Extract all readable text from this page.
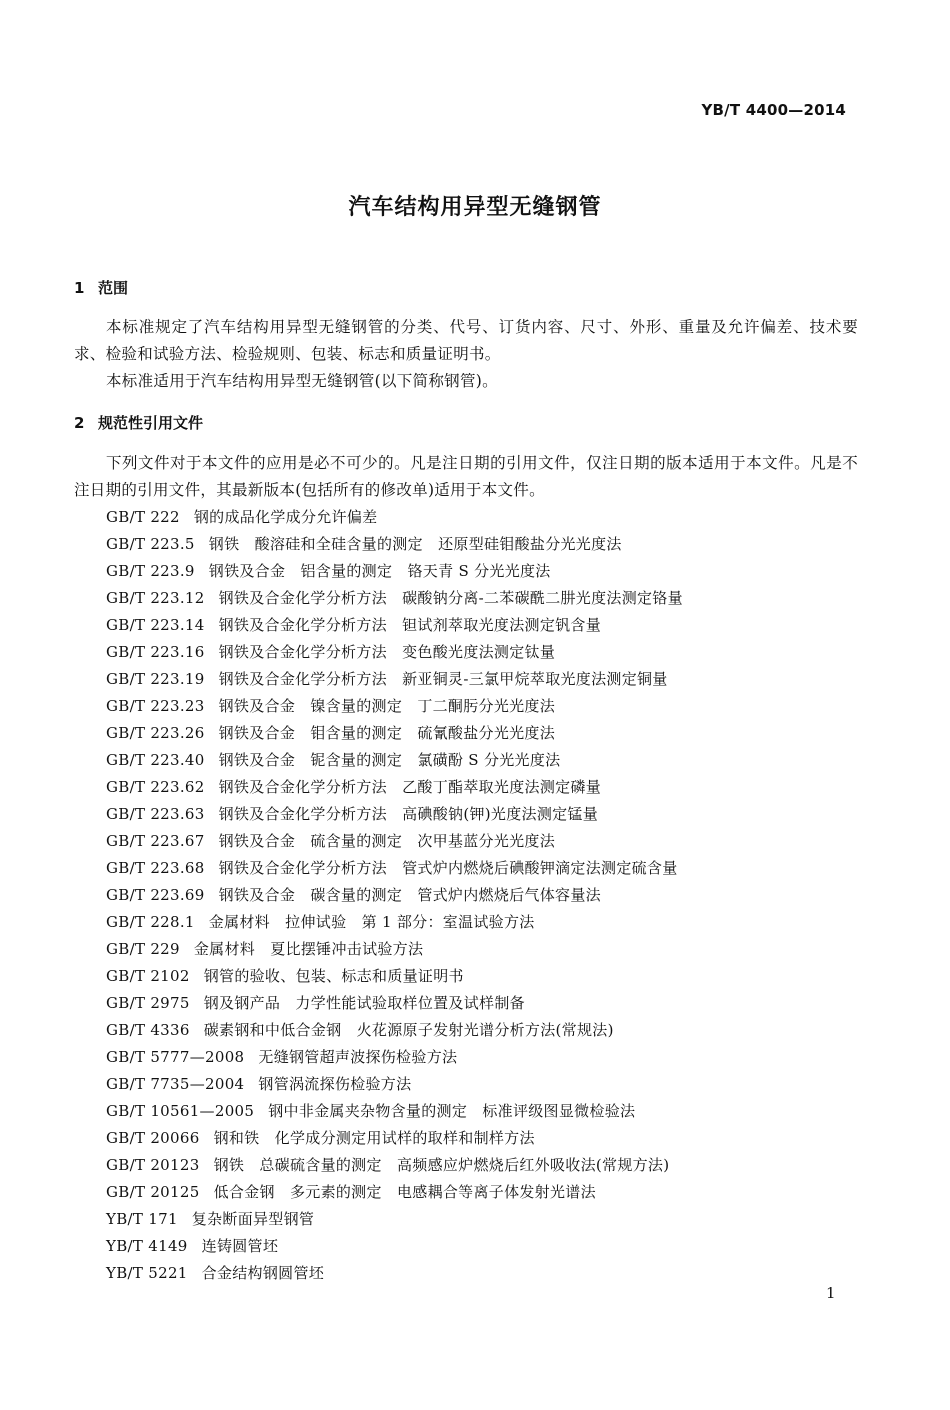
YB/T 4400—2014
汽车结构用异型无缝钢管
1 范围
本标准规定了汽车结构用异型无缝钢管的分类、代号、订货内容、尺寸、外形、重量及允许偏差、技术要求、检验和试验方法、检验规则、包装、标志和质量证明书。
本标准适用于汽车结构用异型无缝钢管(以下简称钢管)。
2 规范性引用文件
下列文件对于本文件的应用是必不可少的。凡是注日期的引用文件，仅注日期的版本适用于本文件。凡是不注日期的引用文件，其最新版本(包括所有的修改单)适用于本文件。
GB/T 222 钢的成品化学成分允许偏差
GB/T 223.5 钢铁   酸溶硅和全硅含量的测定   还原型硅钼酸盐分光光度法
GB/T 223.9 钢铁及合金   铝含量的测定   铬天青 S 分光光度法
GB/T 223.12 钢铁及合金化学分析方法   碳酸钠分离-二苯碳酰二肼光度法测定铬量
GB/T 223.14 钢铁及合金化学分析方法   钽试剂萃取光度法测定钒含量
GB/T 223.16 钢铁及合金化学分析方法   变色酸光度法测定钛量
GB/T 223.19 钢铁及合金化学分析方法   新亚铜灵-三氯甲烷萃取光度法测定铜量
GB/T 223.23 钢铁及合金   镍含量的测定   丁二酮肟分光光度法
GB/T 223.26 钢铁及合金   钼含量的测定   硫氰酸盐分光光度法
GB/T 223.40 钢铁及合金   铌含量的测定   氯磺酚 S 分光光度法
GB/T 223.62 钢铁及合金化学分析方法   乙酸丁酯萃取光度法测定磷量
GB/T 223.63 钢铁及合金化学分析方法   高碘酸钠(钾)光度法测定锰量
GB/T 223.67 钢铁及合金   硫含量的测定   次甲基蓝分光光度法
GB/T 223.68 钢铁及合金化学分析方法   管式炉内燃烧后碘酸钾滴定法测定硫含量
GB/T 223.69 钢铁及合金   碳含量的测定   管式炉内燃烧后气体容量法
GB/T 228.1 金属材料   拉伸试验   第 1 部分：室温试验方法
GB/T 229 金属材料   夏比摆锤冲击试验方法
GB/T 2102 钢管的验收、包装、标志和质量证明书
GB/T 2975 钢及钢产品   力学性能试验取样位置及试样制备
GB/T 4336 碳素钢和中低合金钢   火花源原子发射光谱分析方法(常规法)
GB/T 5777—2008 无缝钢管超声波探伤检验方法
GB/T 7735—2004 钢管涡流探伤检验方法
GB/T 10561—2005 钢中非金属夹杂物含量的测定   标准评级图显微检验法
GB/T 20066 钢和铁   化学成分测定用试样的取样和制样方法
GB/T 20123 钢铁   总碳硫含量的测定   高频感应炉燃烧后红外吸收法(常规方法)
GB/T 20125 低合金钢   多元素的测定   电感耦合等离子体发射光谱法
YB/T 171 复杂断面异型钢管
YB/T 4149 连铸圆管坯
YB/T 5221 合金结构钢圆管坯
1
